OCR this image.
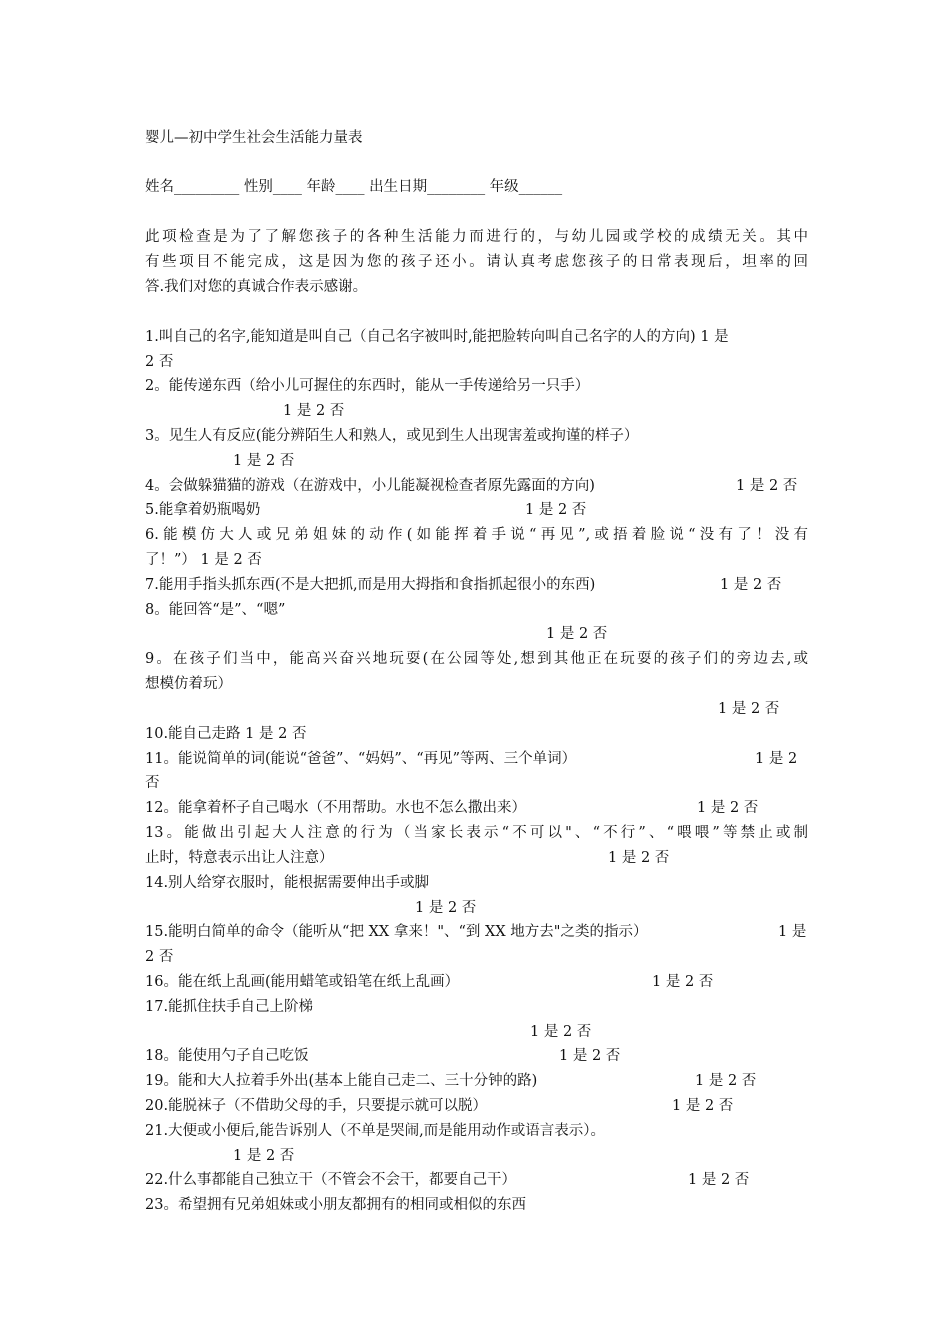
婴儿—初中学生社会生活能力量表
姓名_________ 性别____ 年龄____ 出生日期________ 年级______
此项检查是为了了解您孩子的各种生活能力而进行的，与幼儿园或学校的成绩无关。其中
有些项目不能完成，这是因为您的孩子还小。请认真考虑您孩子的日常表现后，坦率的回
答.我们对您的真诚合作表示感谢。
1.叫自己的名字,能知道是叫自己（自己名字被叫时,能把脸转向叫自己名字的人的方向) 1 是
2 否
2。能传递东西（给小儿可握住的东西时，能从一手传递给另一只手）
1 是 2 否
3。见生人有反应(能分辨陌生人和熟人，或见到生人出现害羞或拘谨的样子）
1 是 2 否
4。会做躲猫猫的游戏（在游戏中，小儿能凝视检查者原先露面的方向)	1 是 2 否
5.能拿着奶瓶喝奶	1 是 2 否
6.能模仿大人或兄弟姐妹的动作(如能挥着手说“再见”,或捂着脸说“没有了！没有
了！”） 1 是 2 否
7.能用手指头抓东西(不是大把抓,而是用大拇指和食指抓起很小的东西)	1 是 2 否
8。能回答“是”、“嗯”
1 是 2 否
9。在孩子们当中，能高兴奋兴地玩耍(在公园等处,想到其他正在玩耍的孩子们的旁边去,或
想模仿着玩）
1 是 2 否
10.能自己走路 1 是 2 否
11。能说简单的词(能说“爸爸”、“妈妈”、“再见”等两、三个单词）	1 是 2
否
12。能拿着杯子自己喝水（不用帮助。水也不怎么撒出来）	1 是 2 否
13。能做出引起大人注意的行为（当家长表示“不可以"、“不行”、“喂喂”等禁止或制
止时，特意表示出让人注意）	1 是 2 否
14.别人给穿衣服时，能根据需要伸出手或脚
1 是 2 否
15.能明白简单的命令（能听从“把 XX 拿来！"、“到 XX 地方去"之类的指示）	1 是
2 否
16。能在纸上乱画(能用蜡笔或铅笔在纸上乱画）	1 是 2 否
17.能抓住扶手自己上阶梯
1 是 2 否
18。能使用勺子自己吃饭	1 是 2 否
19。能和大人拉着手外出(基本上能自己走二、三十分钟的路)	1 是 2 否
20.能脱袜子（不借助父母的手，只要提示就可以脱）	1 是 2 否
21.大便或小便后,能告诉别人（不单是哭闹,而是能用动作或语言表示）。
1 是 2 否
22.什么事都能自己独立干（不管会不会干，都要自己干）	1 是 2 否
23。希望拥有兄弟姐妹或小朋友都拥有的相同或相似的东西
